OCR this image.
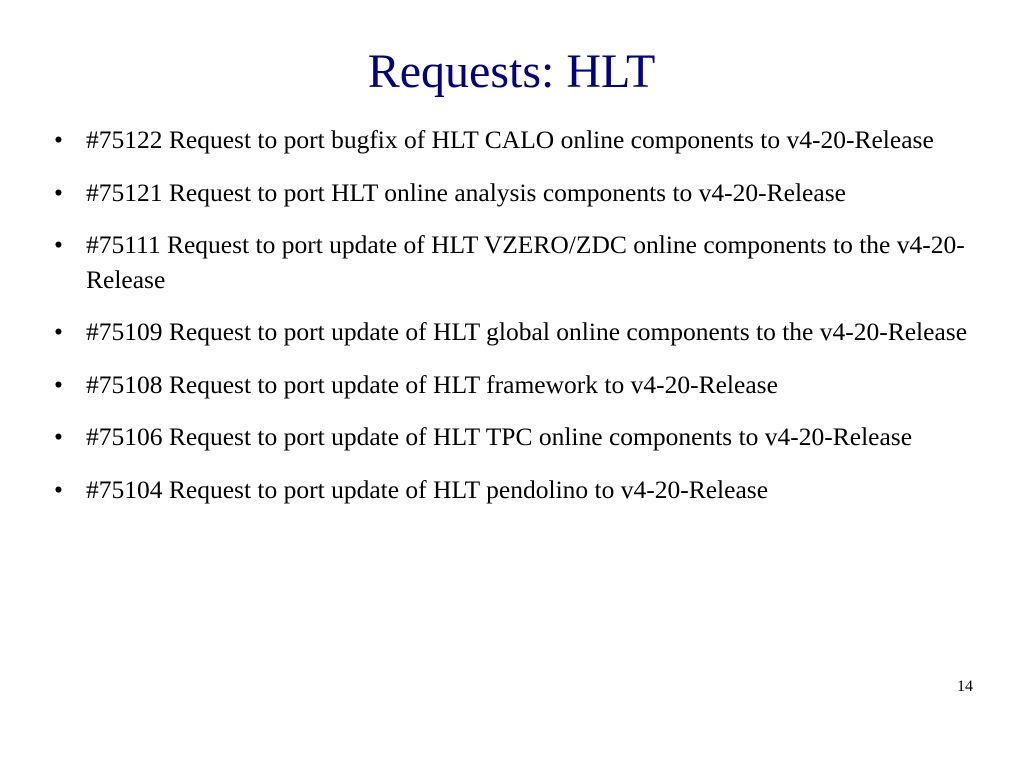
Requests: HLT
• #75122 Request to port bugfix of HLT CALO online components to v4-20-Release
• #75121 Request to port HLT online analysis components to v4-20-Release
• #75111 Request to port update of HLT VZERO/ZDC online components to the v4-20-Release
• #75109 Request to port update of HLT global online components to the v4-20-Release
• #75108 Request to port update of HLT framework to v4-20-Release
• #75106 Request to port update of HLT TPC online components to v4-20-Release
• #75104 Request to port update of HLT pendolino to v4-20-Release
14
